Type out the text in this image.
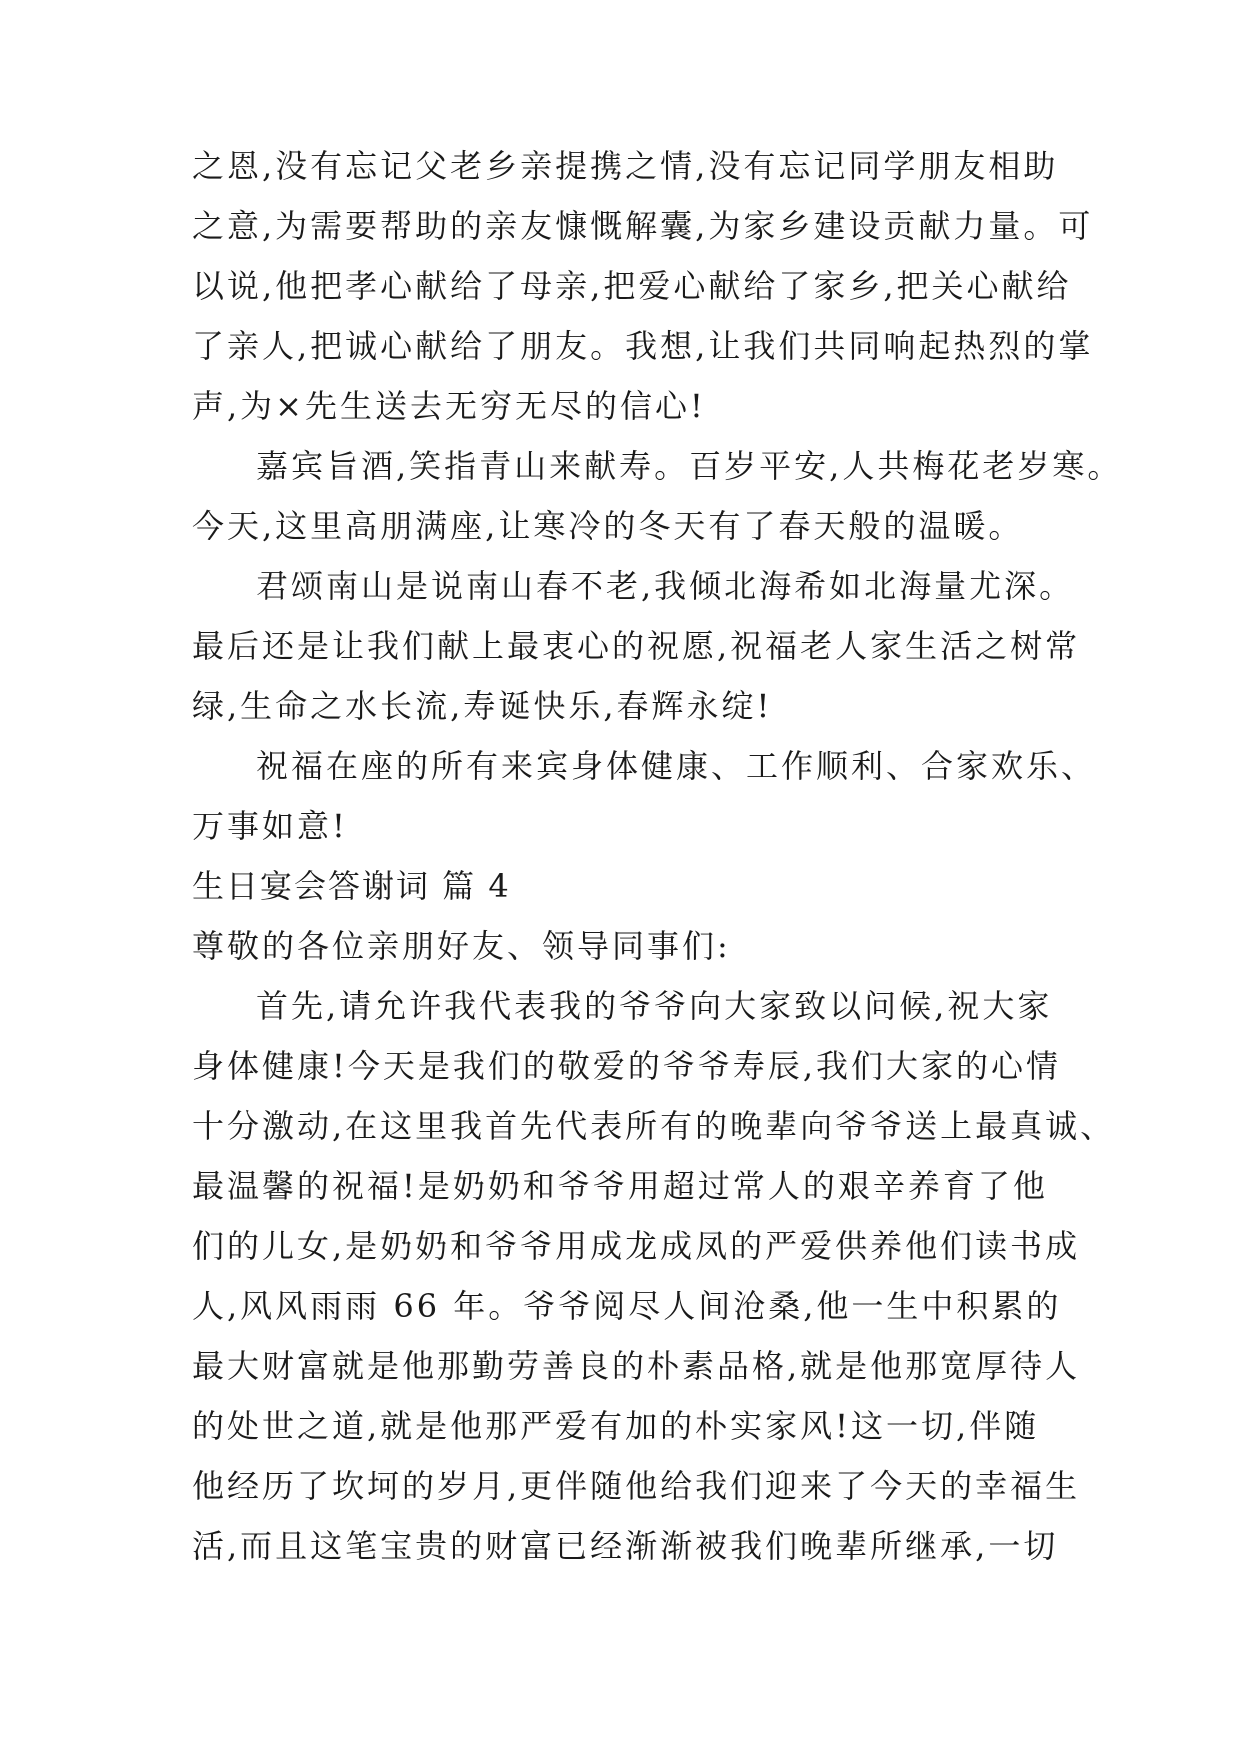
之恩,没有忘记父老乡亲提携之情,没有忘记同学朋友相助
之意,为需要帮助的亲友慷慨解囊,为家乡建设贡献力量。可
以说,他把孝心献给了母亲,把爱心献给了家乡,把关心献给
了亲人,把诚心献给了朋友。我想,让我们共同响起热烈的掌
声,为×先生送去无穷无尽的信心!
嘉宾旨酒,笑指青山来献寿。百岁平安,人共梅花老岁寒。
今天,这里高朋满座,让寒冷的冬天有了春天般的温暖。
君颂南山是说南山春不老,我倾北海希如北海量尤深。
最后还是让我们献上最衷心的祝愿,祝福老人家生活之树常
绿,生命之水长流,寿诞快乐,春辉永绽!
祝福在座的所有来宾身体健康、工作顺利、合家欢乐、
万事如意!
生日宴会答谢词 篇 4
尊敬的各位亲朋好友、领导同事们:
首先,请允许我代表我的爷爷向大家致以问候,祝大家
身体健康!今天是我们的敬爱的爷爷寿辰,我们大家的心情
十分激动,在这里我首先代表所有的晚辈向爷爷送上最真诚、
最温馨的祝福!是奶奶和爷爷用超过常人的艰辛养育了他
们的儿女,是奶奶和爷爷用成龙成凤的严爱供养他们读书成
人,风风雨雨 66 年。爷爷阅尽人间沧桑,他一生中积累的
最大财富就是他那勤劳善良的朴素品格,就是他那宽厚待人
的处世之道,就是他那严爱有加的朴实家风!这一切,伴随
他经历了坎坷的岁月,更伴随他给我们迎来了今天的幸福生
活,而且这笔宝贵的财富已经渐渐被我们晚辈所继承,一切
